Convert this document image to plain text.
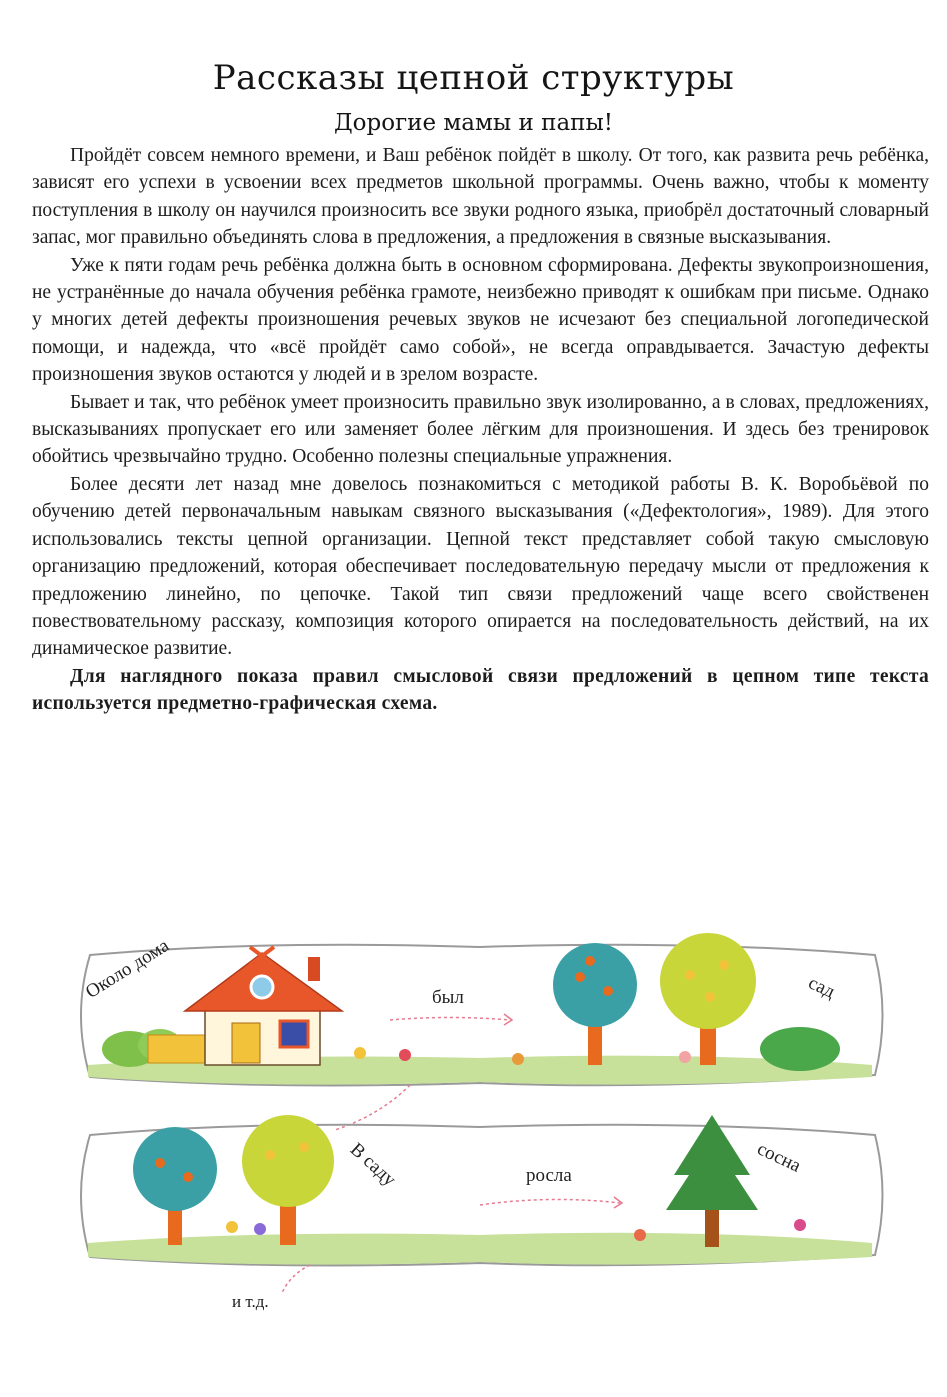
Рассказы цепной структуры
Дорогие мамы и папы!

Пройдёт совсем немного времени, и Ваш ребёнок пойдёт в школу. От того, как развита речь ребёнка, зависят его успехи в усвоении всех предметов школьной программы. Очень важно, чтобы к моменту поступления в школу он научился произносить все звуки родного языка, приобрёл достаточный словарный запас, мог правильно объединять слова в предложения, а предложения в связные высказывания.

Уже к пяти годам речь ребёнка должна быть в основном сформирована. Дефекты звукопроизношения, не устранённые до начала обучения ребёнка грамоте, неизбежно приводят к ошибкам при письме. Однако у многих детей дефекты произношения речевых звуков не исчезают без специальной логопедической помощи, и надежда, что «всё пройдёт само собой», не всегда оправдывается. Зачастую дефекты произношения звуков остаются у людей и в зрелом возрасте.

Бывает и так, что ребёнок умеет произносить правильно звук изолированно, а в словах, предложениях, высказываниях пропускает его или заменяет более лёгким для произношения. И здесь без тренировок обойтись чрезвычайно трудно. Особенно полезны специальные упражнения.

Более десяти лет назад мне довелось познакомиться с методикой работы В. К. Воробьёвой по обучению детей первоначальным навыкам связного высказывания («Дефектология», 1989). Для этого использовались тексты цепной организации. Цепной текст представляет собой такую смысловую организацию предложений, которая обеспечивает последовательную передачу мысли от предложения к предложению линейно, по цепочке. Такой тип связи предложений чаще всего свойственен повествовательному рассказу, композиция которого опирается на последовательность действий, на их динамическое развитие.

Для наглядного показа правил смысловой связи предложений в цепном типе текста используется предметно-графическая схема.

Около дома	был	сад
В саду	росла	сосна
и т.д.
